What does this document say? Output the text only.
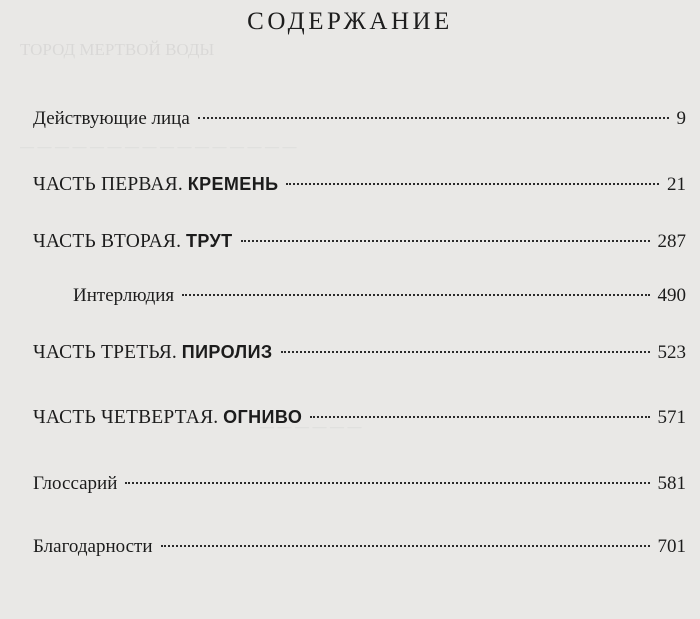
ТОРОД МЕРТВОЙ ВОДЫ
— — — — — — — — — — — — — — — —
— — — — — —
СОДЕРЖАНИЕ
Действующие лица	9
ЧАСТЬ ПЕРВАЯ. КРЕМЕНЬ	21
ЧАСТЬ ВТОРАЯ. ТРУТ	287
Интерлюдия	490
ЧАСТЬ ТРЕТЬЯ. ПИРОЛИЗ	523
ЧАСТЬ ЧЕТВЕРТАЯ. ОГНИВО	571
Глоссарий	581
Благодарности	701
